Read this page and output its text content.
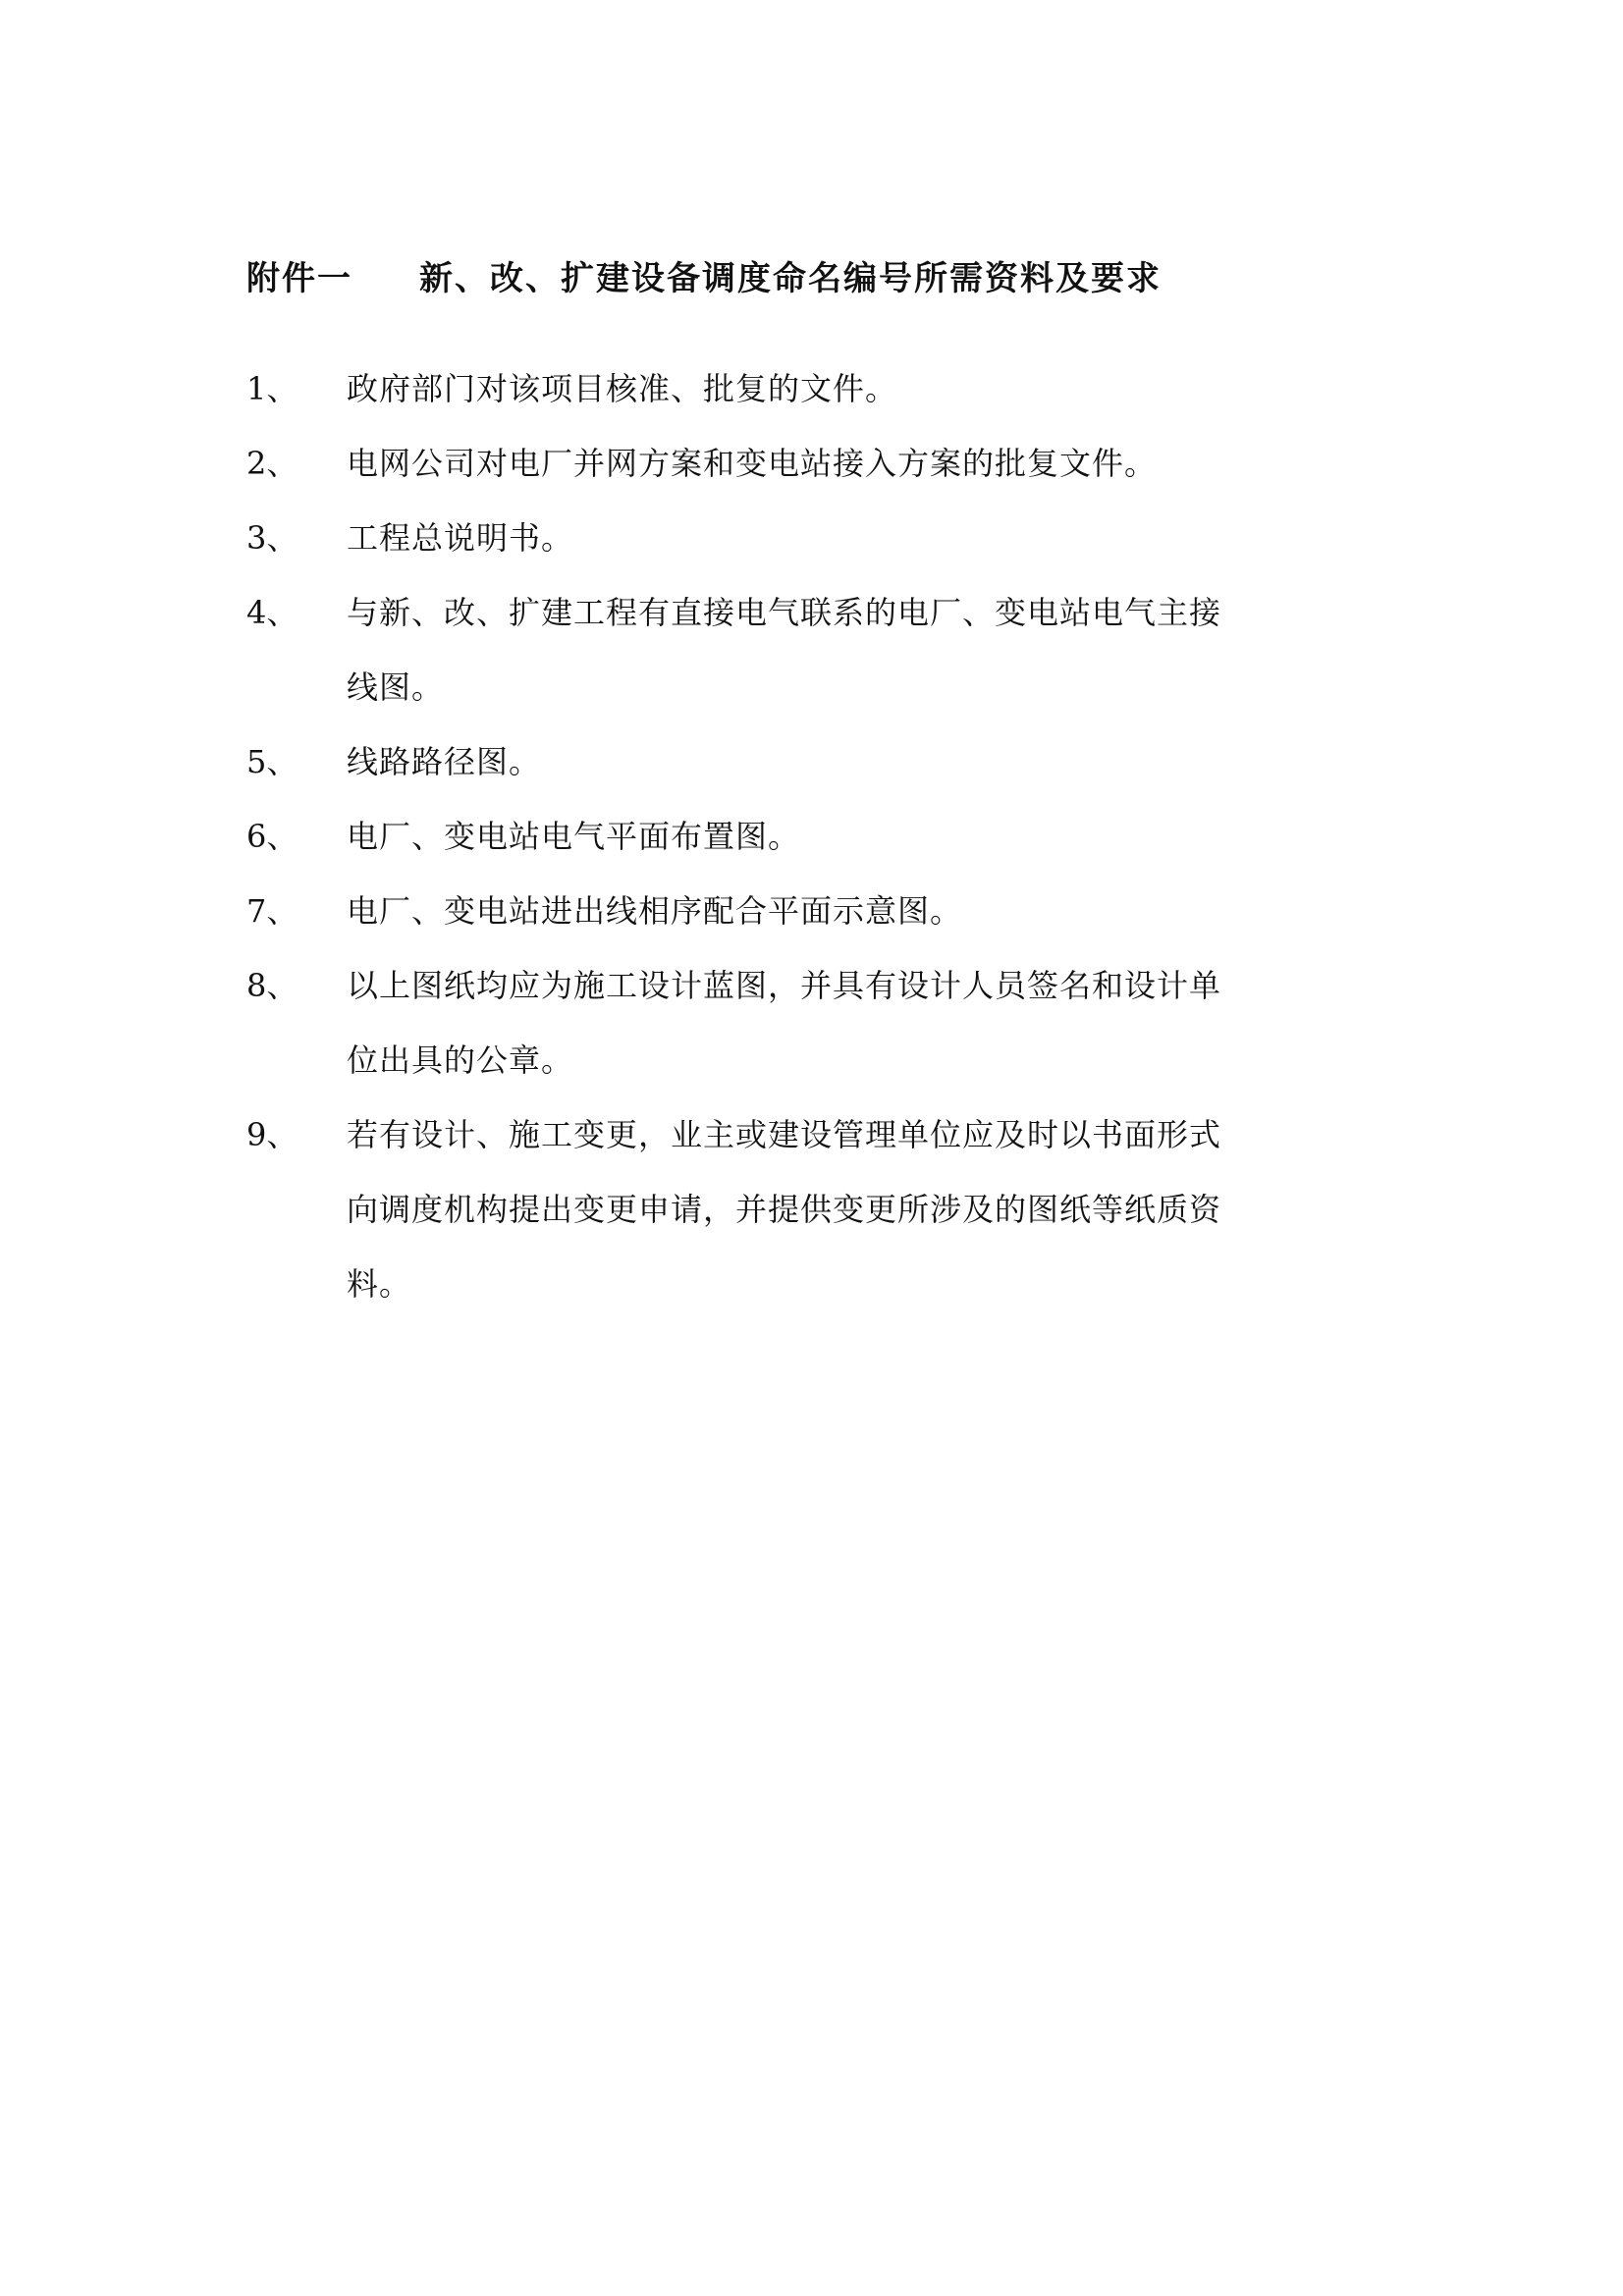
附件一	新、改、扩建设备调度命名编号所需资料及要求
1、	政府部门对该项目核准、批复的文件。
2、	电网公司对电厂并网方案和变电站接入方案的批复文件。
3、	工程总说明书。
4、	与新、改、扩建工程有直接电气联系的电厂、变电站电气主接
线图。
5、	线路路径图。
6、	电厂、变电站电气平面布置图。
7、	电厂、变电站进出线相序配合平面示意图。
8、	以上图纸均应为施工设计蓝图，并具有设计人员签名和设计单
位出具的公章。
9、	若有设计、施工变更，业主或建设管理单位应及时以书面形式
向调度机构提出变更申请，并提供变更所涉及的图纸等纸质资
料。
